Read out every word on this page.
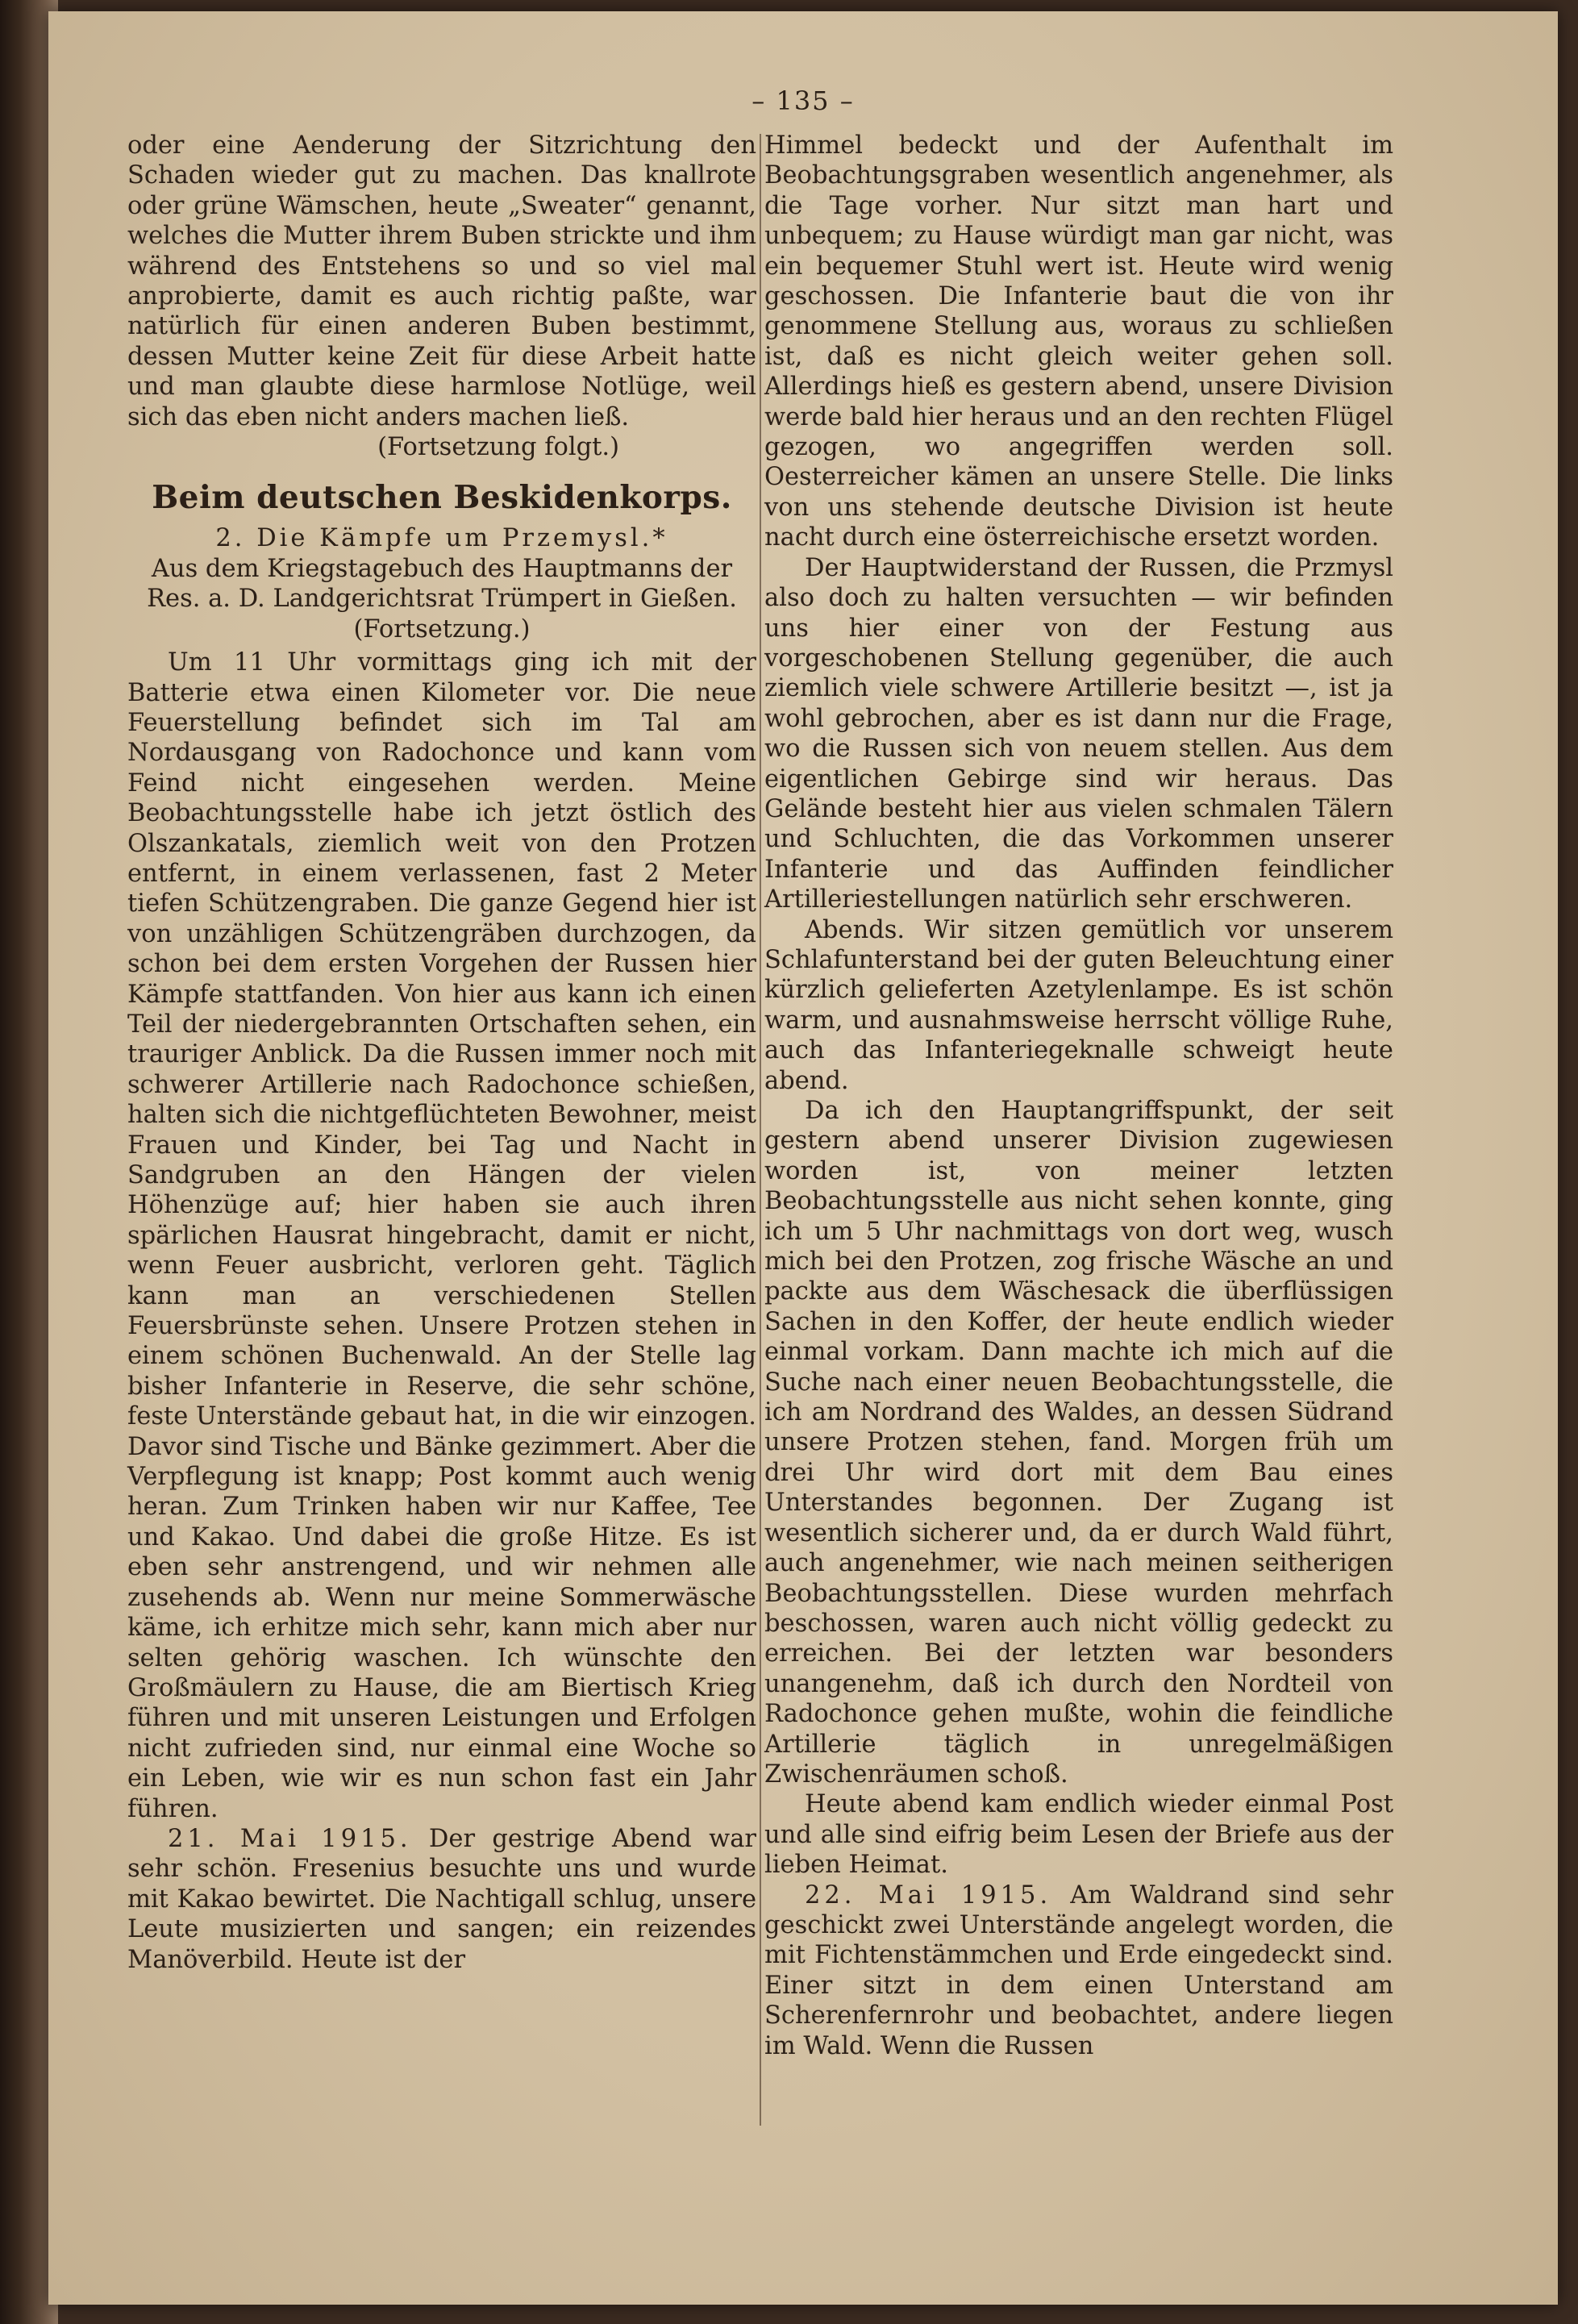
– 135 –

oder eine Aenderung der Sitzrichtung den Schaden wieder gut zu machen. Das knallrote oder grüne Wämschen, heute „Sweater“ genannt, welches die Mutter ihrem Buben strickte und ihm während des Entstehens so und so viel mal anprobierte, damit es auch richtig paßte, war natürlich für einen anderen Buben bestimmt, dessen Mutter keine Zeit für diese Arbeit hatte und man glaubte diese harmlose Notlüge, weil sich das eben nicht anders machen ließ.

(Fortsetzung folgt.)

Beim deutschen Beskidenkorps.

2. Die Kämpfe um Przemysl.*

Aus dem Kriegstagebuch des Hauptmanns der Res. a. D. Landgerichtsrat Trümpert in Gießen.

(Fortsetzung.)

Um 11 Uhr vormittags ging ich mit der Batterie etwa einen Kilometer vor. Die neue Feuerstellung befindet sich im Tal am Nordausgang von Radochonce und kann vom Feind nicht eingesehen werden. Meine Beobachtungsstelle habe ich jetzt östlich des Olszankatals, ziemlich weit von den Protzen entfernt, in einem verlassenen, fast 2 Meter tiefen Schützengraben. Die ganze Gegend hier ist von unzähligen Schützengräben durchzogen, da schon bei dem ersten Vorgehen der Russen hier Kämpfe stattfanden. Von hier aus kann ich einen Teil der niedergebrannten Ortschaften sehen, ein trauriger Anblick. Da die Russen immer noch mit schwerer Artillerie nach Radochonce schießen, halten sich die nichtgeflüchteten Bewohner, meist Frauen und Kinder, bei Tag und Nacht in Sandgruben an den Hängen der vielen Höhenzüge auf; hier haben sie auch ihren spärlichen Hausrat hingebracht, damit er nicht, wenn Feuer ausbricht, verloren geht. Täglich kann man an verschiedenen Stellen Feuersbrünste sehen. Unsere Protzen stehen in einem schönen Buchenwald. An der Stelle lag bisher Infanterie in Reserve, die sehr schöne, feste Unterstände gebaut hat, in die wir einzogen. Davor sind Tische und Bänke gezimmert. Aber die Verpflegung ist knapp; Post kommt auch wenig heran. Zum Trinken haben wir nur Kaffee, Tee und Kakao. Und dabei die große Hitze. Es ist eben sehr anstrengend, und wir nehmen alle zusehends ab. Wenn nur meine Sommerwäsche käme, ich erhitze mich sehr, kann mich aber nur selten gehörig waschen. Ich wünschte den Großmäulern zu Hause, die am Biertisch Krieg führen und mit unseren Leistungen und Erfolgen nicht zufrieden sind, nur einmal eine Woche so ein Leben, wie wir es nun schon fast ein Jahr führen.

21. Mai 1915. Der gestrige Abend war sehr schön. Fresenius besuchte uns und wurde mit Kakao bewirtet. Die Nachtigall schlug, unsere Leute musizierten und sangen; ein reizendes Manöverbild. Heute ist der

Himmel bedeckt und der Aufenthalt im Beobachtungsgraben wesentlich angenehmer, als die Tage vorher. Nur sitzt man hart und unbequem; zu Hause würdigt man gar nicht, was ein bequemer Stuhl wert ist. Heute wird wenig geschossen. Die Infanterie baut die von ihr genommene Stellung aus, woraus zu schließen ist, daß es nicht gleich weiter gehen soll. Allerdings hieß es gestern abend, unsere Division werde bald hier heraus und an den rechten Flügel gezogen, wo angegriffen werden soll. Oesterreicher kämen an unsere Stelle. Die links von uns stehende deutsche Division ist heute nacht durch eine österreichische ersetzt worden.

Der Hauptwiderstand der Russen, die Przmysl also doch zu halten versuchten — wir befinden uns hier einer von der Festung aus vorgeschobenen Stellung gegenüber, die auch ziemlich viele schwere Artillerie besitzt —, ist ja wohl gebrochen, aber es ist dann nur die Frage, wo die Russen sich von neuem stellen. Aus dem eigentlichen Gebirge sind wir heraus. Das Gelände besteht hier aus vielen schmalen Tälern und Schluchten, die das Vorkommen unserer Infanterie und das Auffinden feindlicher Artilleriestellungen natürlich sehr erschweren.

Abends. Wir sitzen gemütlich vor unserem Schlafunterstand bei der guten Beleuchtung einer kürzlich gelieferten Azetylenlampe. Es ist schön warm, und ausnahmsweise herrscht völlige Ruhe, auch das Infanteriegeknalle schweigt heute abend.

Da ich den Hauptangriffspunkt, der seit gestern abend unserer Division zugewiesen worden ist, von meiner letzten Beobachtungsstelle aus nicht sehen konnte, ging ich um 5 Uhr nachmittags von dort weg, wusch mich bei den Protzen, zog frische Wäsche an und packte aus dem Wäschesack die überflüssigen Sachen in den Koffer, der heute endlich wieder einmal vorkam. Dann machte ich mich auf die Suche nach einer neuen Beobachtungsstelle, die ich am Nordrand des Waldes, an dessen Südrand unsere Protzen stehen, fand. Morgen früh um drei Uhr wird dort mit dem Bau eines Unterstandes begonnen. Der Zugang ist wesentlich sicherer und, da er durch Wald führt, auch angenehmer, wie nach meinen seitherigen Beobachtungsstellen. Diese wurden mehrfach beschossen, waren auch nicht völlig gedeckt zu erreichen. Bei der letzten war besonders unangenehm, daß ich durch den Nordteil von Radochonce gehen mußte, wohin die feindliche Artillerie täglich in unregelmäßigen Zwischenräumen schoß.

Heute abend kam endlich wieder einmal Post und alle sind eifrig beim Lesen der Briefe aus der lieben Heimat.

22. Mai 1915. Am Waldrand sind sehr geschickt zwei Unterstände angelegt worden, die mit Fichtenstämmchen und Erde eingedeckt sind. Einer sitzt in dem einen Unterstand am Scherenfernrohr und beobachtet, andere liegen im Wald. Wenn die Russen
